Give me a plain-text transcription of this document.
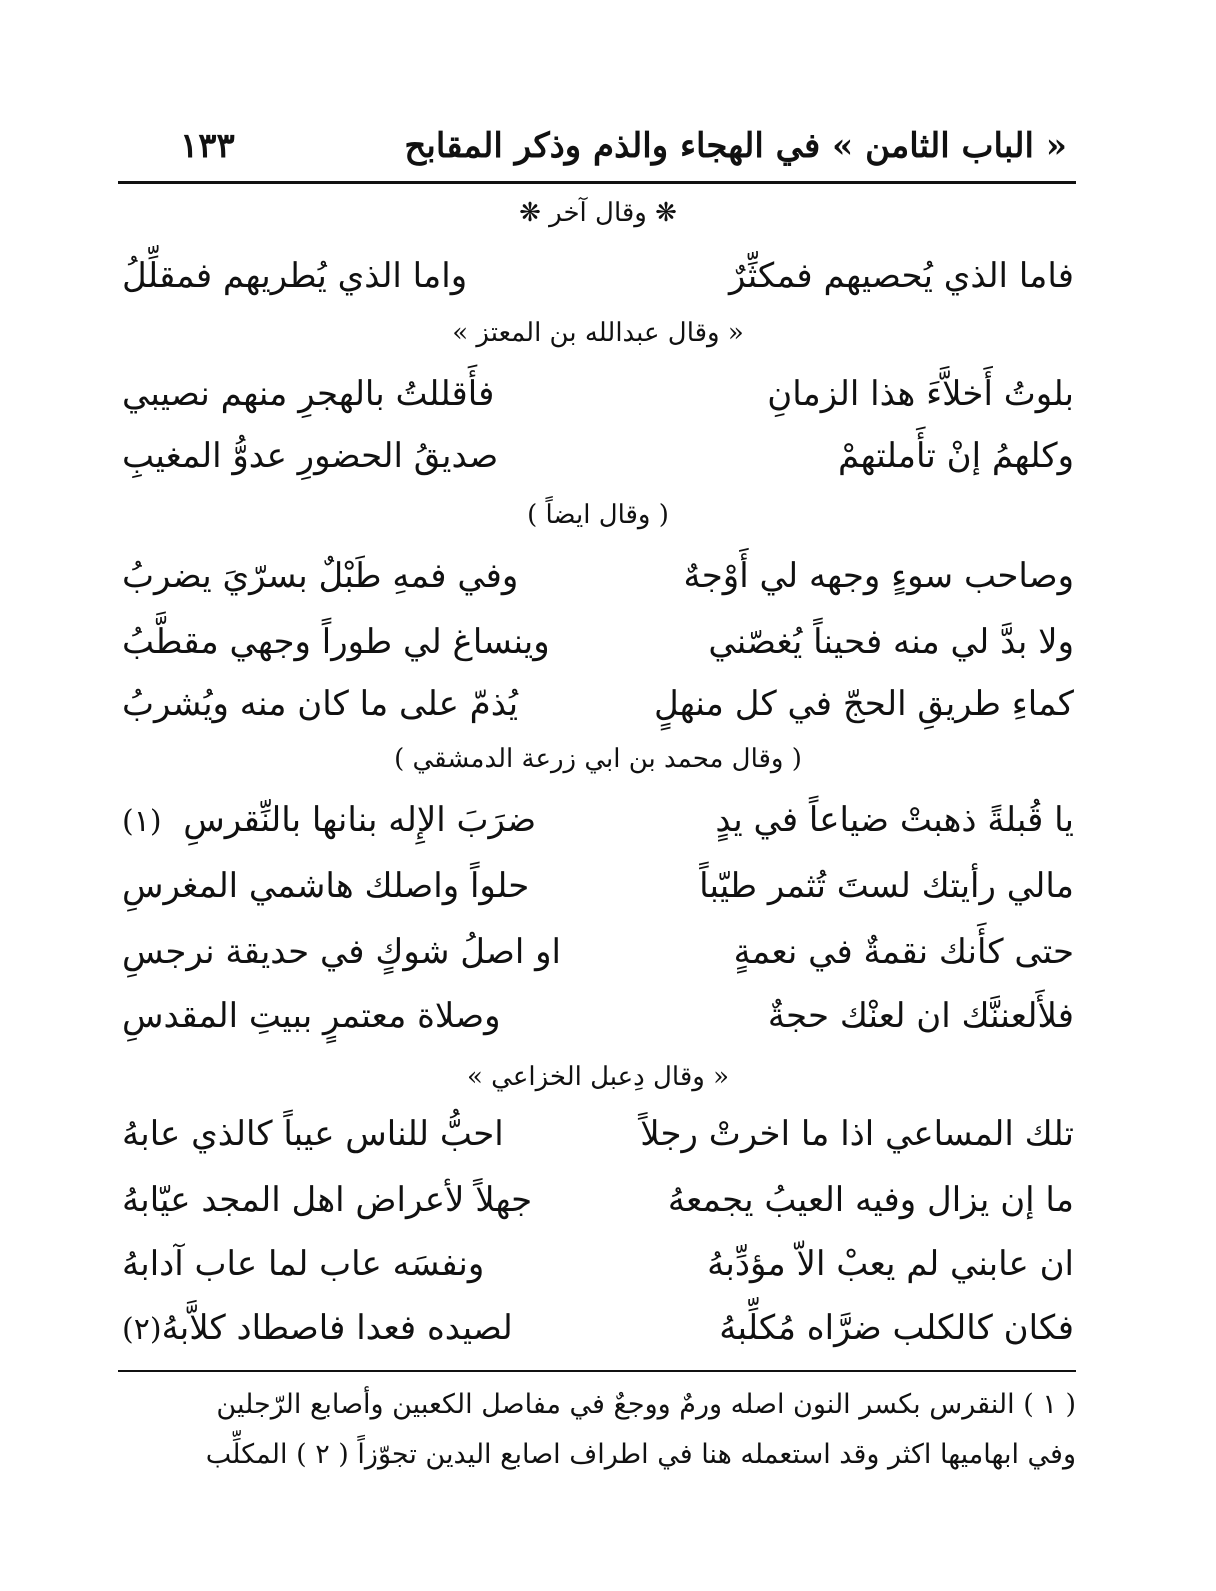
« الباب الثامن » في الهجاء والذم وذكر المقابح
١٣٣
❋ وقال آخر ❋
فاما الذي يُحصيهم فمكثِّرٌ
واما الذي يُطريهم فمقلِّلُ
« وقال عبدالله بن المعتز »
بلوتُ أَخلاَّءَ هذا الزمانِ
فأَقللتُ بالهجرِ منهم نصيبي
وكلهمُ إنْ تأَملتهمْ
صديقُ الحضورِ عدوُّ المغيبِ
( وقال ايضاً )
وصاحب سوءٍ وجهه لي أَوْجهٌ
وفي فمهِ طَبْلٌ بسرّيَ يضربُ
ولا بدَّ لي منه فحيناً يُغصّني
وينساغ لي طوراً وجهي مقطَّبُ
كماءِ طريقِ الحجّ في كل منهلٍ
يُذمّ على ما كان منه ويُشربُ
( وقال محمد بن ابي زرعة الدمشقي )
يا قُبلةً ذهبتْ ضياعاً في يدٍ
ضرَبَ الإِله بنانها بالنِّقرسِ  (١)
مالي رأيتك لستَ تُثمر طيّباً
حلواً واصلك هاشمي المغرسِ
حتى كأَنك نقمةٌ في نعمةٍ
او اصلُ شوكٍ في حديقة نرجسِ
فلأَلعننَّك ان لعنْك حجةٌ
وصلاة معتمرٍ ببيتِ المقدسِ
« وقال دِعبل الخزاعي »
تلك المساعي اذا ما اخرتْ رجلاً
احبُّ للناس عيباً كالذي عابهُ
ما إن يزال وفيه العيبُ يجمعهُ
جهلاً لأعراض اهل المجد عيّابهُ
ان عابني لم يعبْ الاّ مؤدِّبهُ
ونفسَه عاب لما عاب آدابهُ
فكان كالكلب ضرَّاه مُكلِّبهُ
لصيده فعدا فاصطاد كلاَّبهُ(٢)
( ١ ) النقرس بكسر النون اصله ورمٌ ووجعٌ في مفاصل الكعبين وأصابع الرّجلين
وفي ابهاميها اكثر وقد استعمله هنا في اطراف اصابع اليدين تجوّزاً ( ٢ ) المكلِّب
